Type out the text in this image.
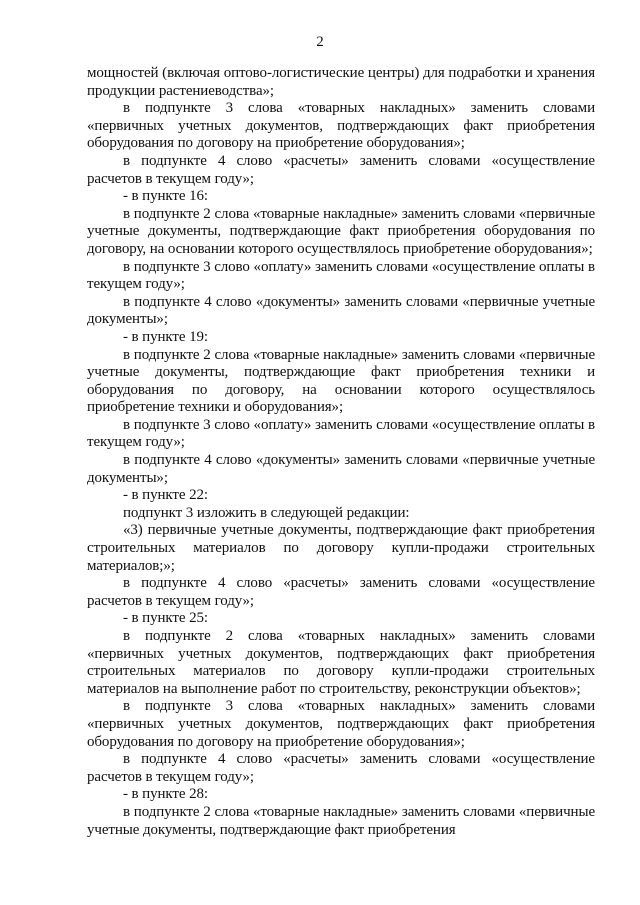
2

мощностей (включая оптово-логистические центры) для подработки и хранения продукции растениеводства»;

в подпункте 3 слова «товарных накладных» заменить словами «первичных учетных документов, подтверждающих факт приобретения оборудования по договору на приобретение оборудования»;

в подпункте 4 слово «расчеты» заменить словами «осуществление расчетов в текущем году»;

- в пункте 16:

в подпункте 2 слова «товарные накладные» заменить словами «первичные учетные документы, подтверждающие факт приобретения оборудования по договору, на основании которого осуществлялось приобретение оборудования»;

в подпункте 3 слово «оплату» заменить словами «осуществление оплаты в текущем году»;

в подпункте 4 слово «документы» заменить словами «первичные учетные документы»;

- в пункте 19:

в подпункте 2 слова «товарные накладные» заменить словами «первичные учетные документы, подтверждающие факт приобретения техники и оборудования по договору, на основании которого осуществлялось приобретение техники и оборудования»;

в подпункте 3 слово «оплату» заменить словами «осуществление оплаты в текущем году»;

в подпункте 4 слово «документы» заменить словами «первичные учетные документы»;

- в пункте 22:

подпункт 3 изложить в следующей редакции:

«3) первичные учетные документы, подтверждающие факт приобретения строительных материалов по договору купли-продажи строительных материалов;»;

в подпункте 4 слово «расчеты» заменить словами «осуществление расчетов в текущем году»;

- в пункте 25:

в подпункте 2 слова «товарных накладных» заменить словами «первичных учетных документов, подтверждающих факт приобретения строительных материалов по договору купли-продажи строительных материалов на выполнение работ по строительству, реконструкции объектов»;

в подпункте 3 слова «товарных накладных» заменить словами «первичных учетных документов, подтверждающих факт приобретения оборудования по договору на приобретение оборудования»;

в подпункте 4 слово «расчеты» заменить словами «осуществление расчетов в текущем году»;

- в пункте 28:

в подпункте 2 слова «товарные накладные» заменить словами «первичные учетные документы, подтверждающие факт приобретения
